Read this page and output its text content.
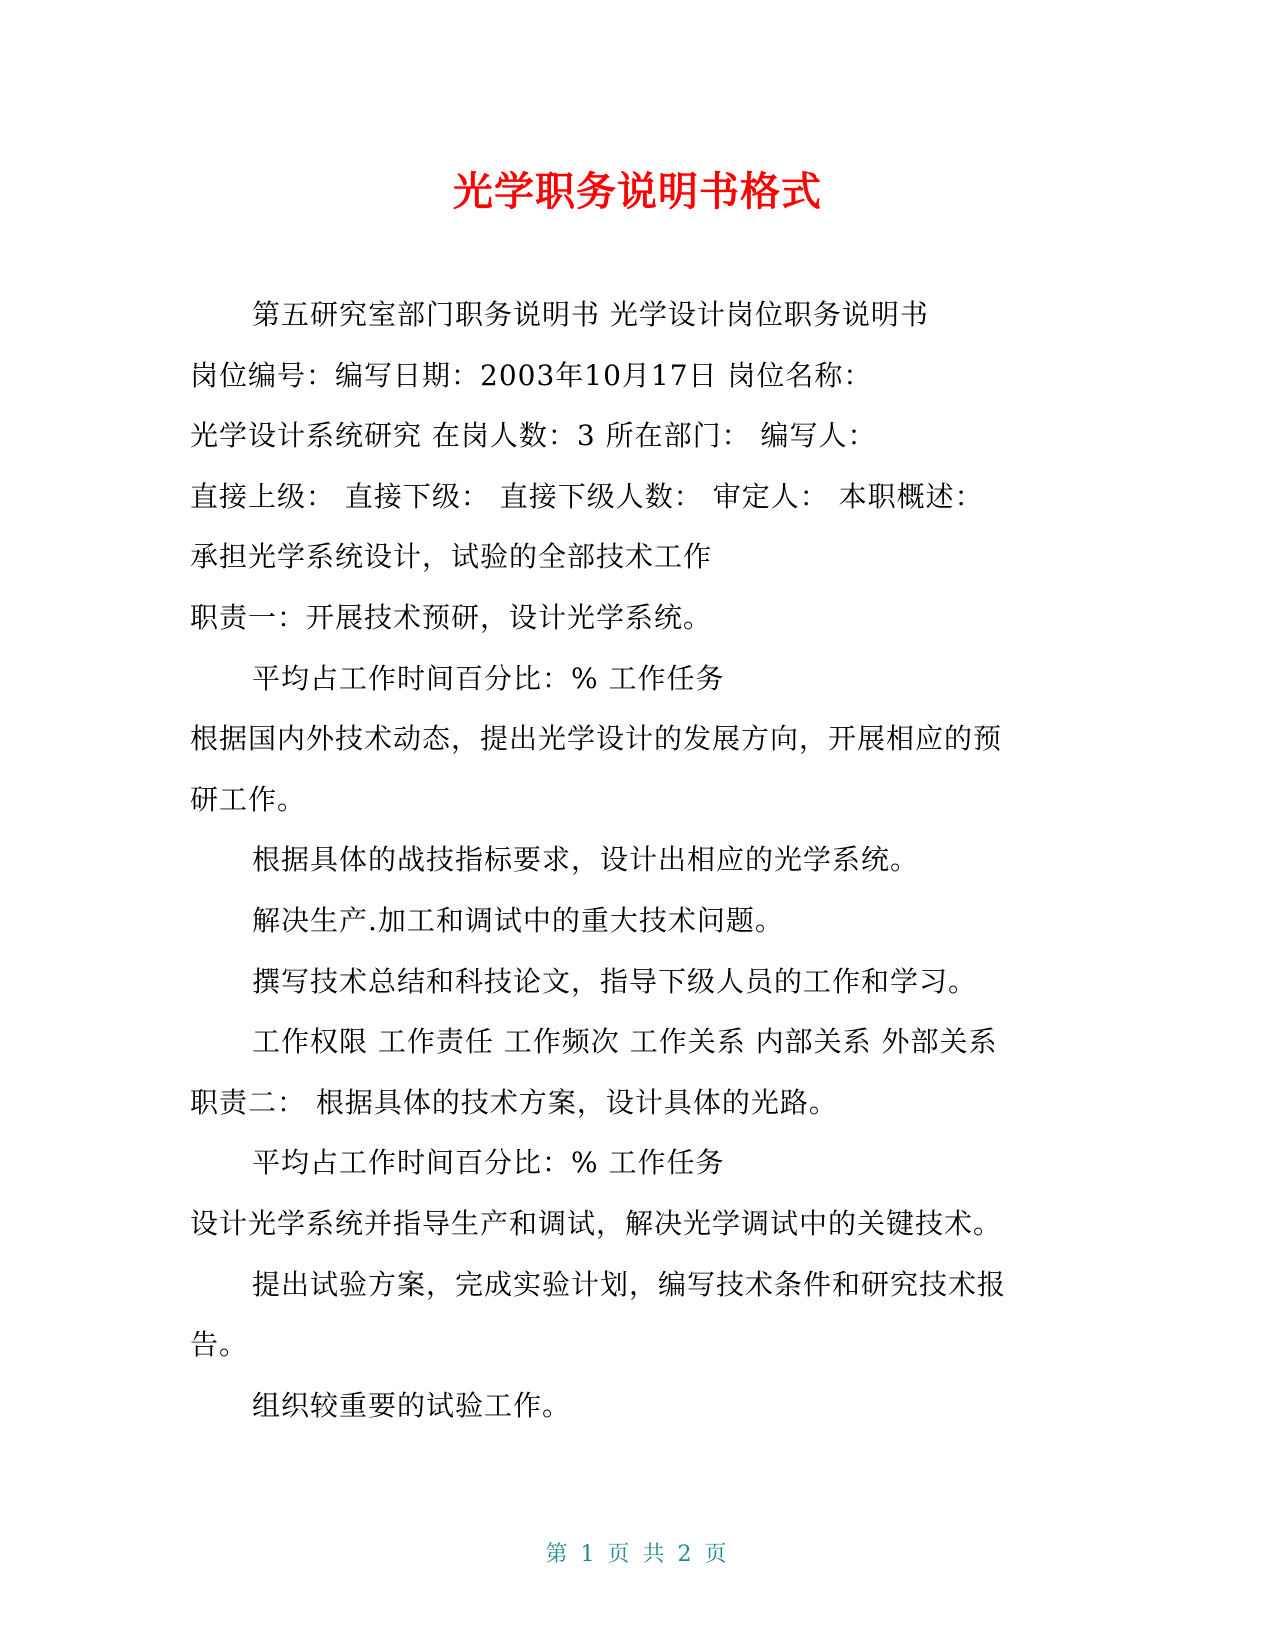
光学职务说明书格式
第五研究室部门职务说明书 光学设计岗位职务说明书
岗位编号：编写日期：2003年10月17日 岗位名称：
光学设计系统研究 在岗人数：3 所在部门： 编写人：
直接上级： 直接下级： 直接下级人数： 审定人： 本职概述：
承担光学系统设计，试验的全部技术工作
职责一：开展技术预研，设计光学系统。
平均占工作时间百分比：% 工作任务
根据国内外技术动态，提出光学设计的发展方向，开展相应的预
研工作。
根据具体的战技指标要求，设计出相应的光学系统。
解决生产.加工和调试中的重大技术问题。
撰写技术总结和科技论文，指导下级人员的工作和学习。
工作权限 工作责任 工作频次 工作关系 内部关系 外部关系
职责二： 根据具体的技术方案，设计具体的光路。
平均占工作时间百分比：% 工作任务
设计光学系统并指导生产和调试，解决光学调试中的关键技术。
提出试验方案，完成实验计划，编写技术条件和研究技术报
告。
组织较重要的试验工作。
第 1 页 共 2 页
